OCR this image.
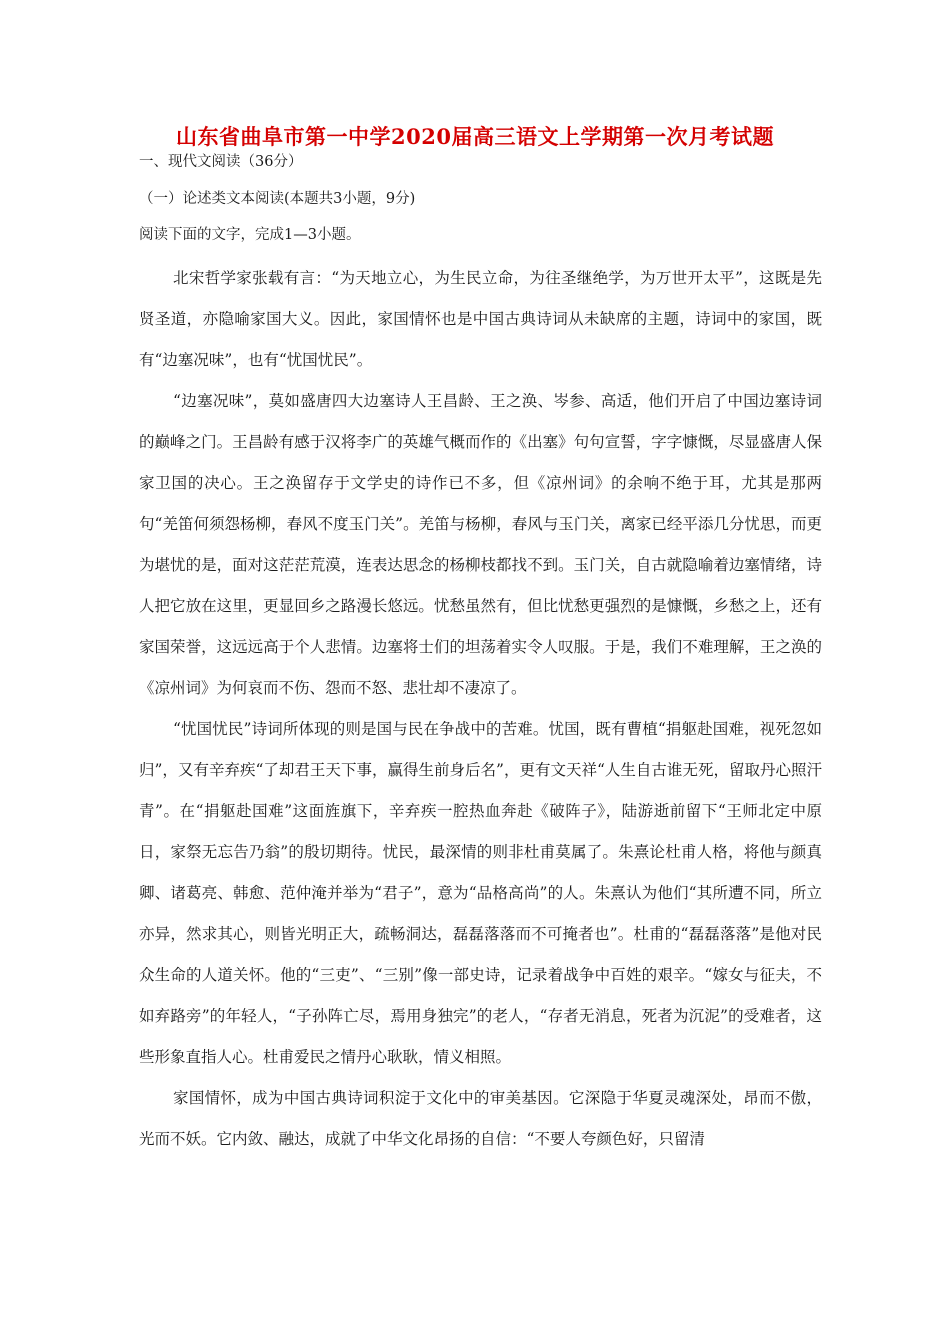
山东省曲阜市第一中学2020届高三语文上学期第一次月考试题
一、现代文阅读（36分）
（一）论述类文本阅读(本题共3小题，9分)
阅读下面的文字，完成1—3小题。

北宋哲学家张载有言：“为天地立心，为生民立命，为往圣继绝学，为万世开太平”，这既是先贤圣道，亦隐喻家国大义。因此，家国情怀也是中国古典诗词从未缺席的主题，诗词中的家国，既有“边塞况味”，也有“忧国忧民”。

“边塞况味”，莫如盛唐四大边塞诗人王昌龄、王之涣、岑参、高适，他们开启了中国边塞诗词的巅峰之门。王昌龄有感于汉将李广的英雄气概而作的《出塞》句句宣誓，字字慷慨，尽显盛唐人保家卫国的决心。王之涣留存于文学史的诗作已不多，但《凉州词》的余响不绝于耳，尤其是那两句“羌笛何须怨杨柳，春风不度玉门关”。羌笛与杨柳，春风与玉门关，离家已经平添几分忧思，而更为堪忧的是，面对这茫茫荒漠，连表达思念的杨柳枝都找不到。玉门关，自古就隐喻着边塞情绪，诗人把它放在这里，更显回乡之路漫长悠远。忧愁虽然有，但比忧愁更强烈的是慷慨，乡愁之上，还有家国荣誉，这远远高于个人悲情。边塞将士们的坦荡着实令人叹服。于是，我们不难理解，王之涣的《凉州词》为何哀而不伤、怨而不怒、悲壮却不凄凉了。

“忧国忧民”诗词所体现的则是国与民在争战中的苦难。忧国，既有曹植“捐躯赴国难，视死忽如归”，又有辛弃疾“了却君王天下事，赢得生前身后名”，更有文天祥“人生自古谁无死，留取丹心照汗青”。在“捐躯赴国难”这面旌旗下，辛弃疾一腔热血奔赴《破阵子》，陆游逝前留下“王师北定中原日，家祭无忘告乃翁”的殷切期待。忧民，最深情的则非杜甫莫属了。朱熹论杜甫人格，将他与颜真卿、诸葛亮、韩愈、范仲淹并举为“君子”，意为“品格高尚”的人。朱熹认为他们“其所遭不同，所立亦异，然求其心，则皆光明正大，疏畅洞达，磊磊落落而不可掩者也”。杜甫的“磊磊落落”是他对民众生命的人道关怀。他的“三吏”、“三别”像一部史诗，记录着战争中百姓的艰辛。“嫁女与征夫，不如弃路旁”的年轻人，“子孙阵亡尽，焉用身独完”的老人，“存者无消息，死者为沉泥”的受难者，这些形象直指人心。杜甫爱民之情丹心耿耿，情义相照。

家国情怀，成为中国古典诗词积淀于文化中的审美基因。它深隐于华夏灵魂深处，昂而不傲，光而不妖。它内敛、融达，成就了中华文化昂扬的自信：“不要人夸颜色好，只留清
